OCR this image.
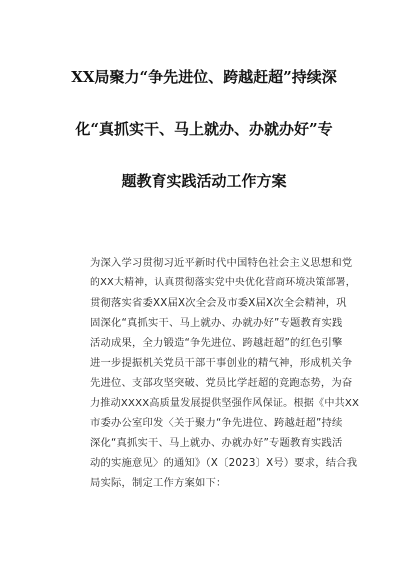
XX局聚力“争先进位、跨越赶超”持续深
化“真抓实干、马上就办、办就办好”专
题教育实践活动工作方案
为深入学习贯彻习近平新时代中国特色社会主义思想和党
的XX大精神，认真贯彻落实党中央优化营商环境决策部署，
贯彻落实省委XX届X次全会及市委X届X次全会精神，巩
固深化“真抓实干、马上就办、办就办好”专题教育实践
活动成果，全力锻造“争先进位、跨越赶超”的红色引擎
进一步提振机关党员干部干事创业的精气神，形成机关争
先进位、支部攻坚突破、党员比学赶超的竞跑态势，为奋
力推动XXXX高质量发展提供坚强作风保证。根据《中共XX
市委办公室印发〈关于聚力“争先进位、跨越赶超”持续
深化“真抓实干、马上就办、办就办好”专题教育实践活
动的实施意见〉的通知》（X〔2023〕X号）要求，结合我
局实际，制定工作方案如下：
